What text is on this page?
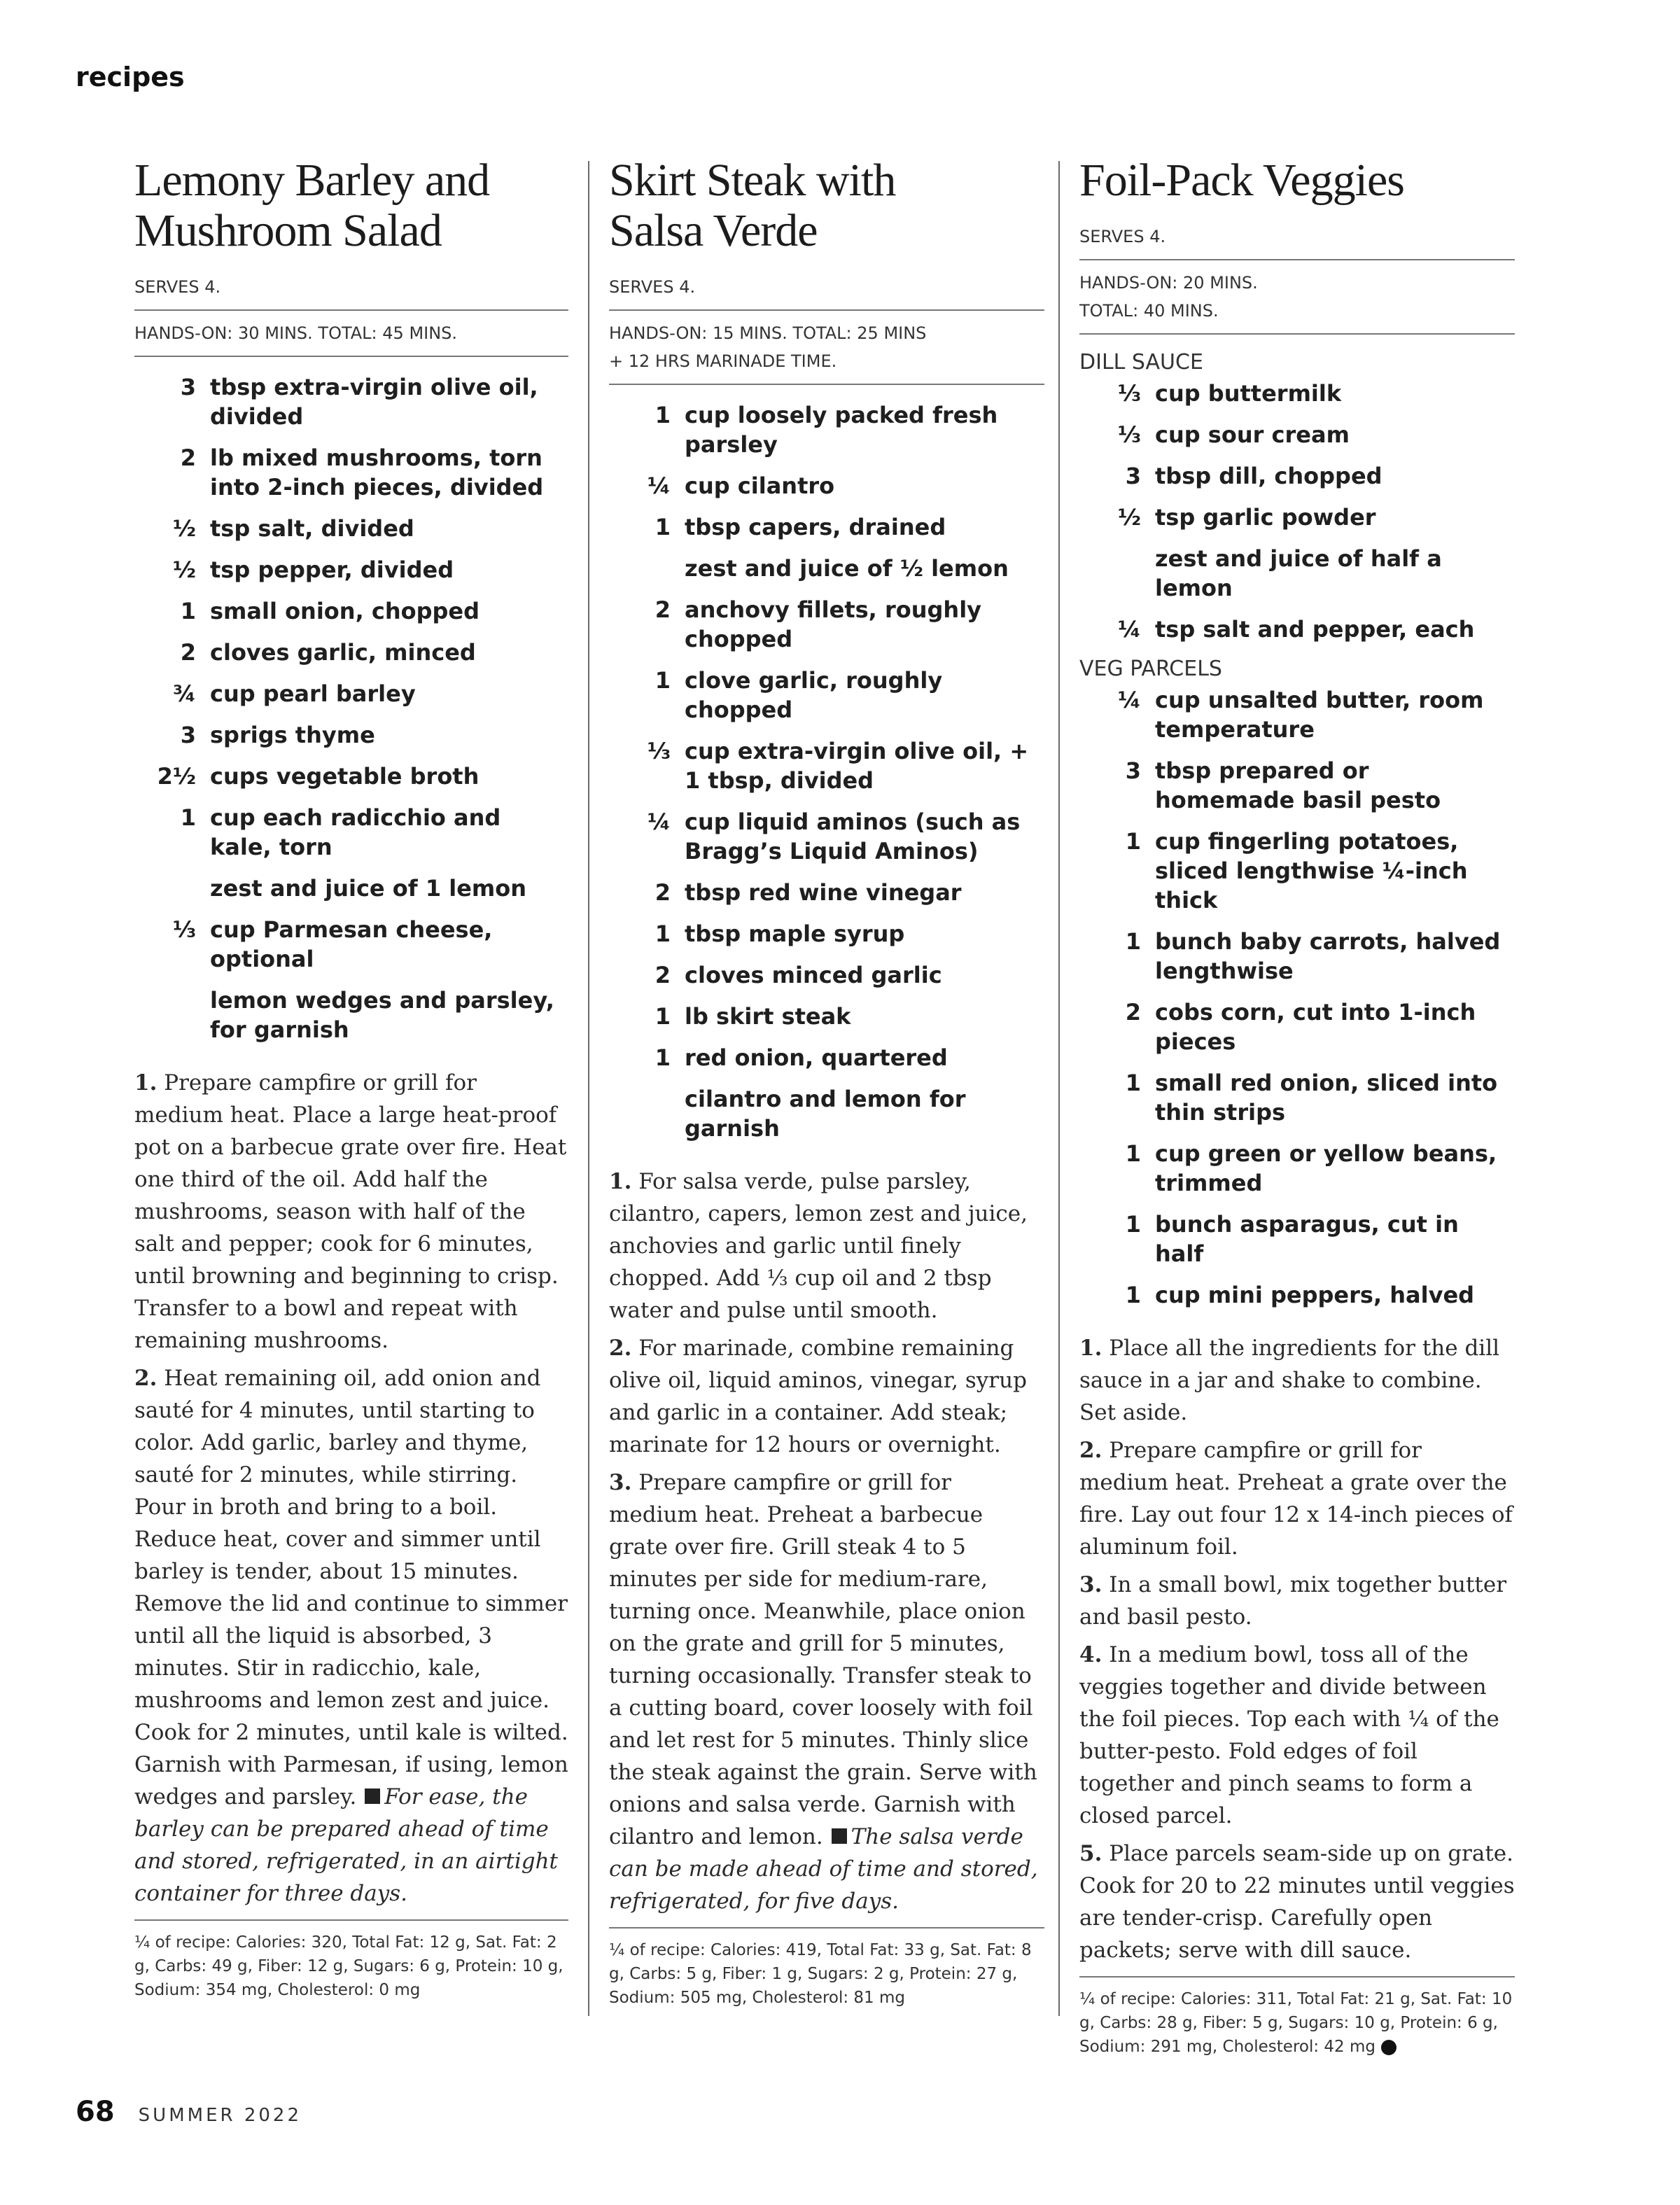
recipes
Lemony Barley and
Mushroom Salad
SERVES 4.
HANDS-ON: 30 MINS. TOTAL: 45 MINS.
3 tbsp extra-virgin olive oil, divided
2 lb mixed mushrooms, torn into 2-inch pieces, divided
½ tsp salt, divided
½ tsp pepper, divided
1 small onion, chopped
2 cloves garlic, minced
¾ cup pearl barley
3 sprigs thyme
2½ cups vegetable broth
1 cup each radicchio and kale, torn
zest and juice of 1 lemon
⅓ cup Parmesan cheese, optional
lemon wedges and parsley, for garnish

1. Prepare campfire or grill for medium heat. Place a large heat-proof pot on a barbecue grate over fire. Heat one third of the oil. Add half the mushrooms, season with half of the salt and pepper; cook for 6 minutes, until browning and beginning to crisp. Transfer to a bowl and repeat with remaining mushrooms.

2. Heat remaining oil, add onion and sauté for 4 minutes, until starting to color. Add garlic, barley and thyme, sauté for 2 minutes, while stirring. Pour in broth and bring to a boil. Reduce heat, cover and simmer until barley is tender, about 15 minutes. Remove the lid and continue to simmer until all the liquid is absorbed, 3 minutes. Stir in radicchio, kale, mushrooms and lemon zest and juice. Cook for 2 minutes, until kale is wilted. Garnish with Parmesan, if using, lemon wedges and parsley. For ease, the barley can be prepared ahead of time and stored, refrigerated, in an airtight container for three days.

¼ of recipe: Calories: 320, Total Fat: 12 g, Sat. Fat: 2 g, Carbs: 49 g, Fiber: 12 g, Sugars: 6 g, Protein: 10 g, Sodium: 354 mg, Cholesterol: 0 mg
Skirt Steak with
Salsa Verde
SERVES 4.
HANDS-ON: 15 MINS. TOTAL: 25 MINS
+ 12 HRS MARINADE TIME.
1 cup loosely packed fresh parsley
¼ cup cilantro
1 tbsp capers, drained
zest and juice of ½ lemon
2 anchovy fillets, roughly chopped
1 clove garlic, roughly chopped
⅓ cup extra-virgin olive oil, + 1 tbsp, divided
¼ cup liquid aminos (such as Bragg’s Liquid Aminos)
2 tbsp red wine vinegar
1 tbsp maple syrup
2 cloves minced garlic
1 lb skirt steak
1 red onion, quartered
cilantro and lemon for garnish

1. For salsa verde, pulse parsley, cilantro, capers, lemon zest and juice, anchovies and garlic until finely chopped. Add ⅓ cup oil and 2 tbsp water and pulse until smooth.

2. For marinade, combine remaining olive oil, liquid aminos, vinegar, syrup and garlic in a container. Add steak; marinate for 12 hours or overnight.

3. Prepare campfire or grill for medium heat. Preheat a barbecue grate over fire. Grill steak 4 to 5 minutes per side for medium-rare, turning once. Meanwhile, place onion on the grate and grill for 5 minutes, turning occasionally. Transfer steak to a cutting board, cover loosely with foil and let rest for 5 minutes. Thinly slice the steak against the grain. Serve with onions and salsa verde. Garnish with cilantro and lemon. The salsa verde can be made ahead of time and stored, refrigerated, for five days.

¼ of recipe: Calories: 419, Total Fat: 33 g, Sat. Fat: 8 g, Carbs: 5 g, Fiber: 1 g, Sugars: 2 g, Protein: 27 g, Sodium: 505 mg, Cholesterol: 81 mg
Foil-Pack Veggies
SERVES 4.
HANDS-ON: 20 MINS.
TOTAL: 40 MINS.
DILL SAUCE
⅓ cup buttermilk
⅓ cup sour cream
3 tbsp dill, chopped
½ tsp garlic powder
zest and juice of half a lemon
¼ tsp salt and pepper, each
VEG PARCELS
¼ cup unsalted butter, room temperature
3 tbsp prepared or homemade basil pesto
1 cup fingerling potatoes, sliced lengthwise ¼-inch thick
1 bunch baby carrots, halved lengthwise
2 cobs corn, cut into 1-inch pieces
1 small red onion, sliced into thin strips
1 cup green or yellow beans, trimmed
1 bunch asparagus, cut in half
1 cup mini peppers, halved

1. Place all the ingredients for the dill sauce in a jar and shake to combine. Set aside.

2. Prepare campfire or grill for medium heat. Preheat a grate over the fire. Lay out four 12 x 14-inch pieces of aluminum foil.

3. In a small bowl, mix together butter and basil pesto.

4. In a medium bowl, toss all of the veggies together and divide between the foil pieces. Top each with ¼ of the butter-pesto. Fold edges of foil together and pinch seams to form a closed parcel.

5. Place parcels seam-side up on grate. Cook for 20 to 22 minutes until veggies are tender-crisp. Carefully open packets; serve with dill sauce.

¼ of recipe: Calories: 311, Total Fat: 21 g, Sat. Fat: 10 g, Carbs: 28 g, Fiber: 5 g, Sugars: 10 g, Protein: 6 g, Sodium: 291 mg, Cholesterol: 42 mg
68 SUMMER 2022
